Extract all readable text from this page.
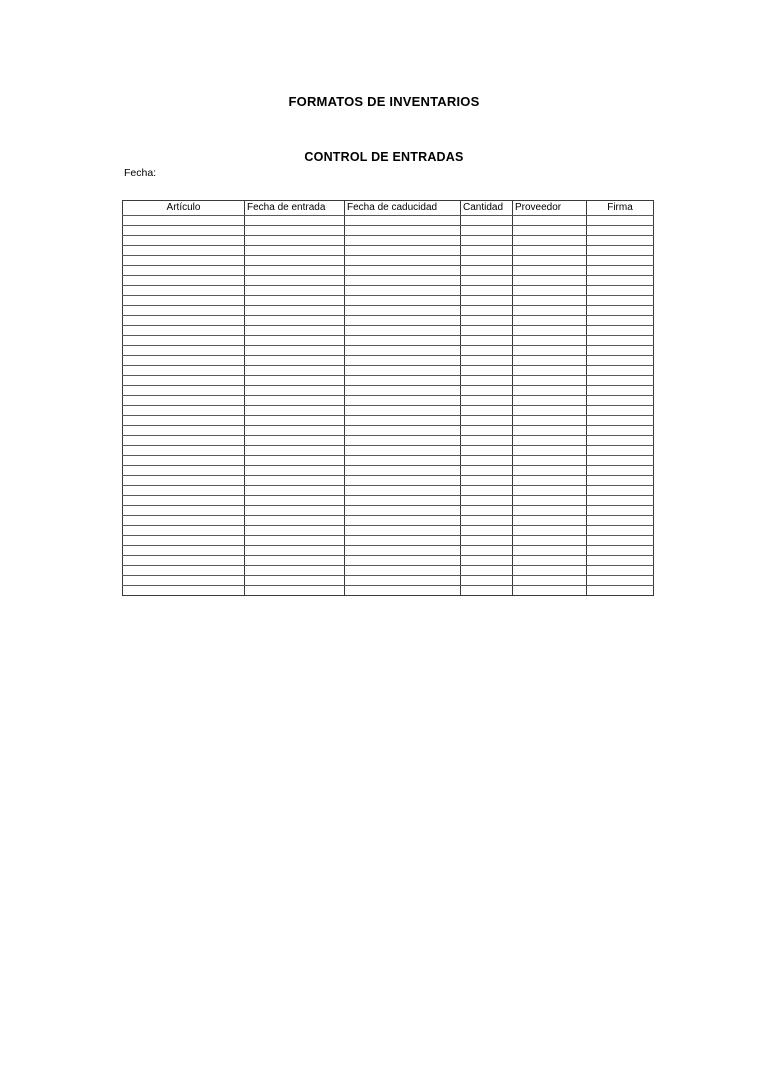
FORMATOS DE INVENTARIOS
CONTROL DE ENTRADAS
Fecha:
Artículo	Fecha de entrada	Fecha de caducidad	Cantidad	Proveedor	Firma
